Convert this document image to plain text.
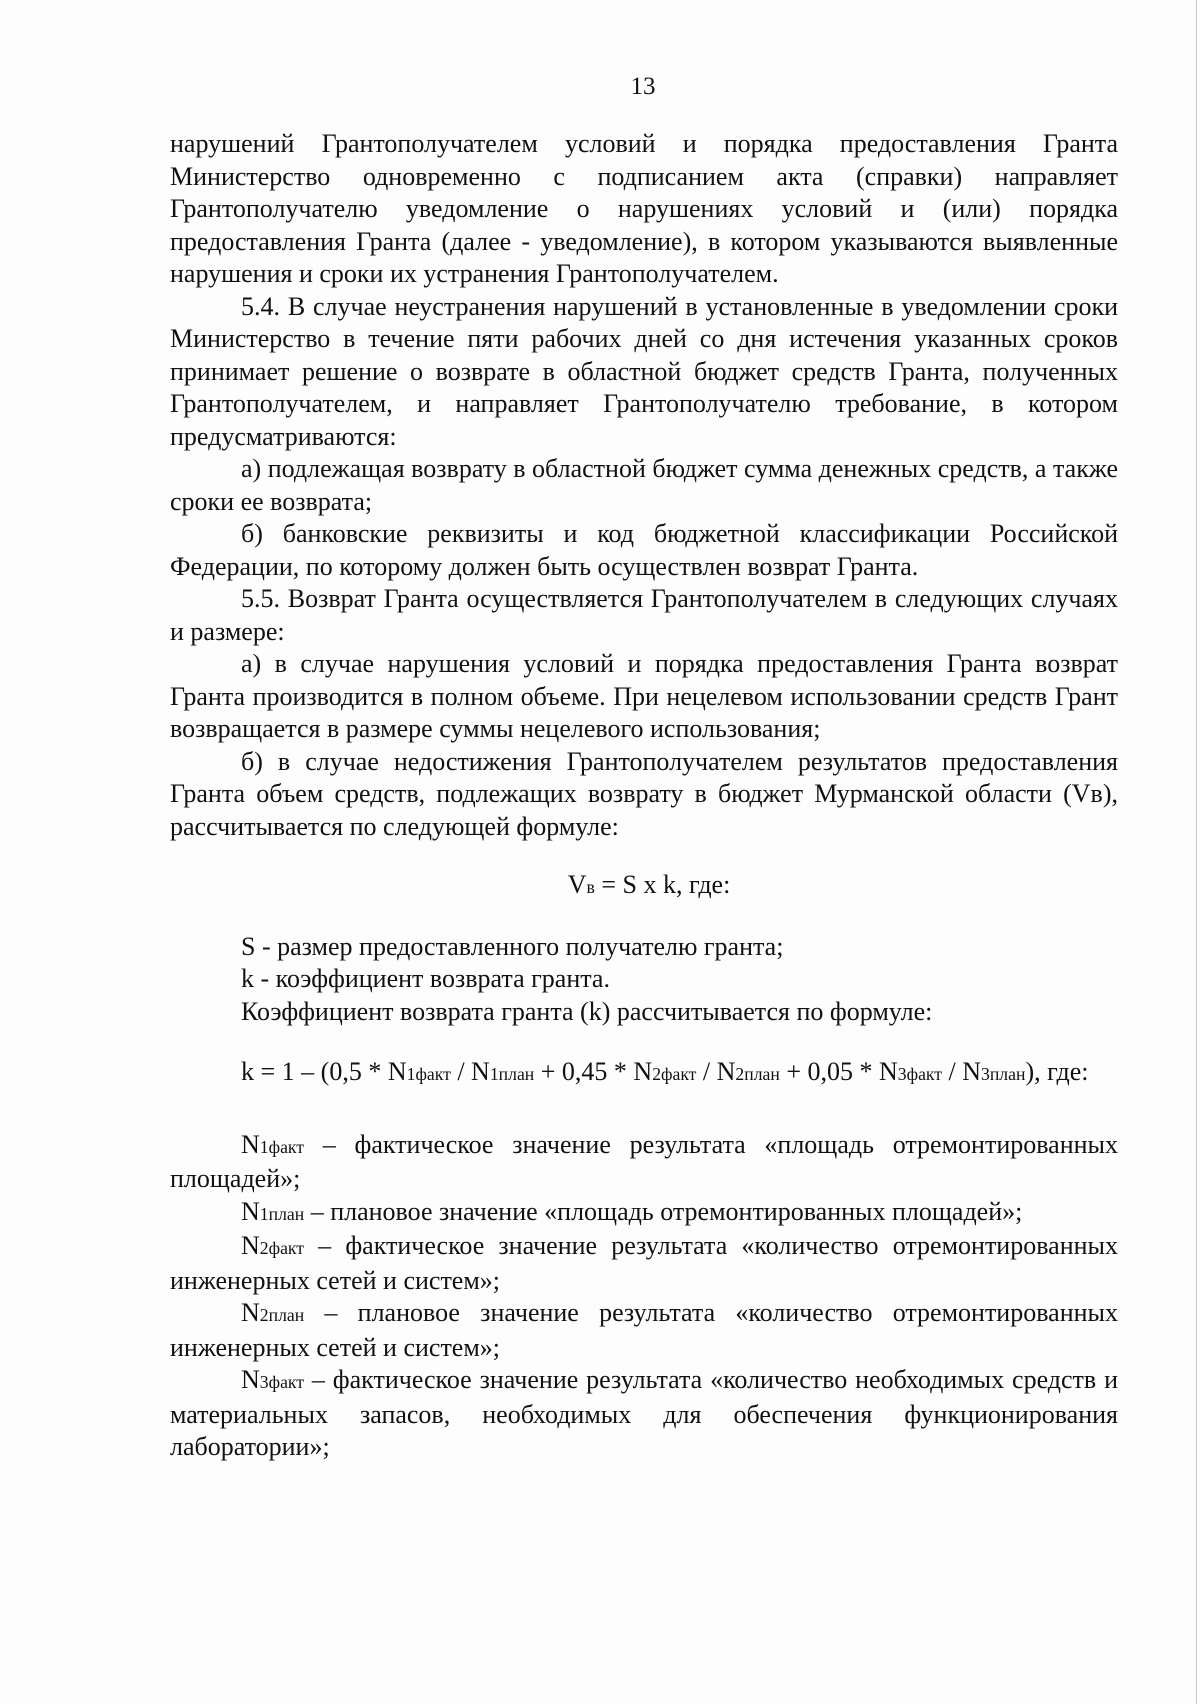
13

нарушений Грантополучателем условий и порядка предоставления Гранта Министерство одновременно с подписанием акта (справки) направляет Грантополучателю уведомление о нарушениях условий и (или) порядка предоставления Гранта (далее - уведомление), в котором указываются выявленные нарушения и сроки их устранения Грантополучателем.

5.4. В случае неустранения нарушений в установленные в уведомлении сроки Министерство в течение пяти рабочих дней со дня истечения указанных сроков принимает решение о возврате в областной бюджет средств Гранта, полученных Грантополучателем, и направляет Грантополучателю требование, в котором предусматриваются:

а) подлежащая возврату в областной бюджет сумма денежных средств, а также сроки ее возврата;

б) банковские реквизиты и код бюджетной классификации Российской Федерации, по которому должен быть осуществлен возврат Гранта.

5.5. Возврат Гранта осуществляется Грантополучателем в следующих случаях и размере:

а) в случае нарушения условий и порядка предоставления Гранта возврат Гранта производится в полном объеме. При нецелевом использовании средств Грант возвращается в размере суммы нецелевого использования;

б) в случае недостижения Грантополучателем результатов предоставления Гранта объем средств, подлежащих возврату в бюджет Мурманской области (Vв), рассчитывается по следующей формуле:

Vв = S x k, где:

S - размер предоставленного получателю гранта;

k - коэффициент возврата гранта.

Коэффициент возврата гранта (k) рассчитывается по формуле:

k = 1 – (0,5 * N1факт / N1план + 0,45 * N2факт / N2план + 0,05 * N3факт / N3план), где:

N1факт – фактическое значение результата «площадь отремонтированных площадей»;

N1план – плановое значение «площадь отремонтированных площадей»;

N2факт – фактическое значение результата «количество отремонтированных инженерных сетей и систем»;

N2план – плановое значение результата «количество отремонтированных инженерных сетей и систем»;

N3факт – фактическое значение результата «количество необходимых средств и материальных запасов, необходимых для обеспечения функционирования лаборатории»;
